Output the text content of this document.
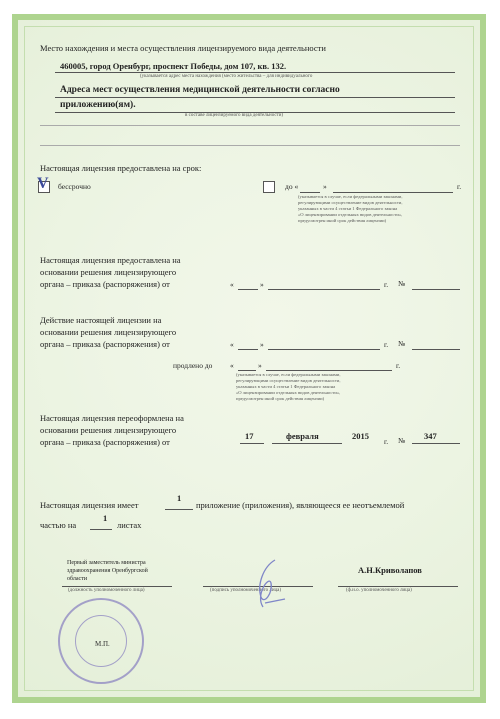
Место нахождения и места осуществления лицензируемого вида деятельности
460005, город Оренбург, проспект Победы, дом 107, кв. 132.
(указывается адрес места нахождения (место жительства – для индивидуального
Адреса мест осуществления медицинской деятельности согласно
приложению(ям).
в составе лицензируемого вида деятельности)
Настоящая лицензия предоставлена на срок:
V бессрочно	до «	»	г.
(указывается в случае, если федеральными законами,
регулирующими осуществление видов деятельности,
указанных в части 4 статьи 1 Федерального закона
«О лицензировании отдельных видов деятельности»,
предусмотрен иной срок действия лицензии)
Настоящая лицензия предоставлена на
основании решения лицензирующего
органа – приказа (распоряжения) от	«	»	г. №
Действие настоящей лицензии на
основании решения лицензирующего
органа – приказа (распоряжения) от	«	»	г. №
продлено до «	»	г.
(указывается в случае, если федеральными законами,
регулирующими осуществление видов деятельности,
указанных в части 4 статьи 1 Федерального закона
«О лицензировании отдельных видов деятельности»,
предусмотрен иной срок действия лицензии)
Настоящая лицензия переоформлена на
основании решения лицензирующего
органа – приказа (распоряжения) от
17	февраля	2015
г. № 347
Настоящая лицензия имеет
1
приложение (приложения), являющееся ее неотъемлемой
частью на
1
листах
Первый заместитель министра
здравоохранения Оренбургской
области
(должность уполномоченного лица)	(подпись уполномоченного лица)
А.Н.Криволапов
(ф.и.о. уполномоченного лица)
М.П.
